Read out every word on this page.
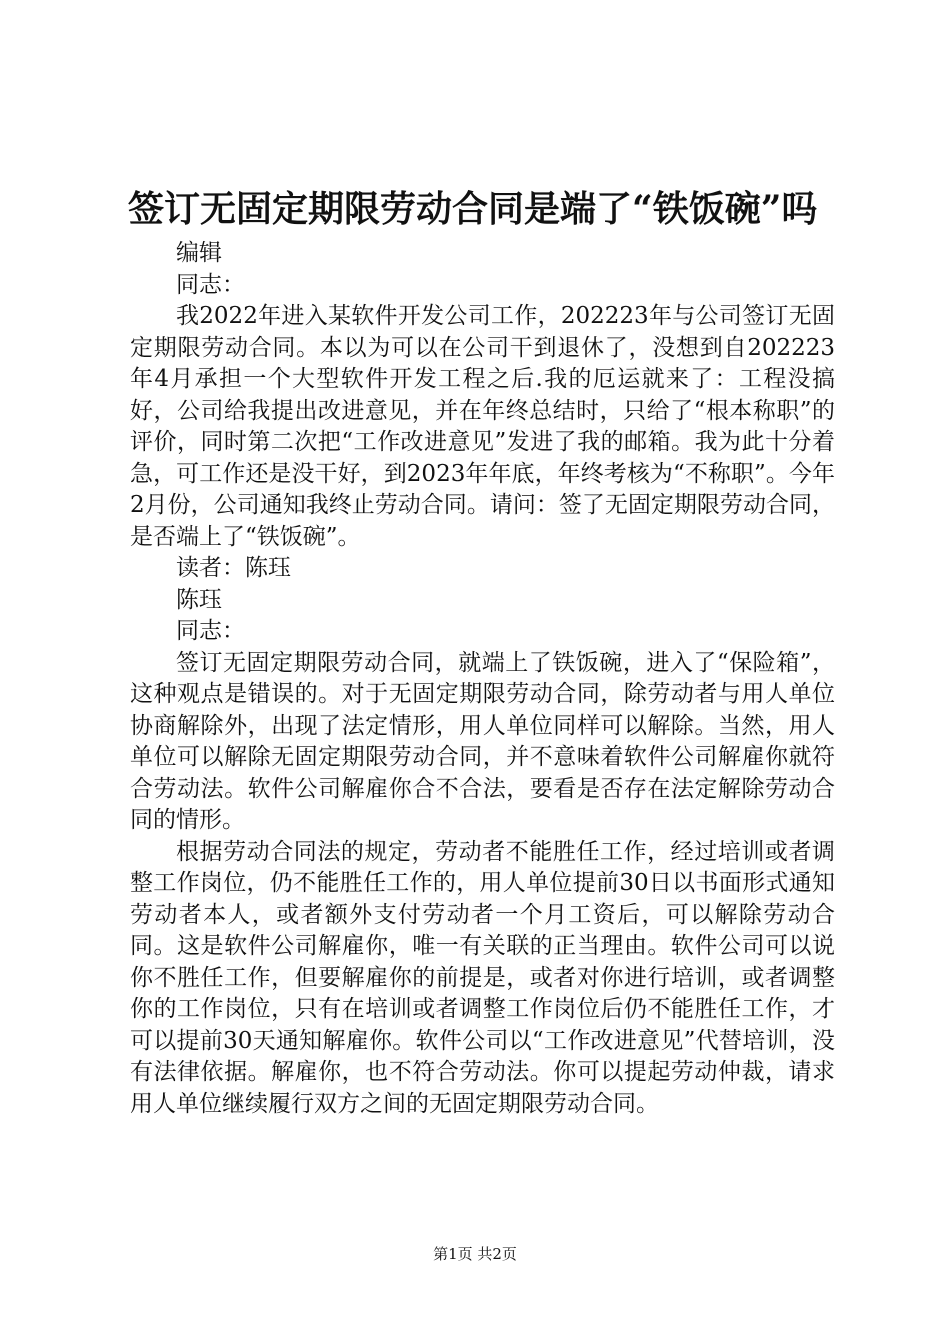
签订无固定期限劳动合同是端了“铁饭碗”吗

编辑

同志：

我2022年进入某软件开发公司工作，202223年与公司签订无固定期限劳动合同。本以为可以在公司干到退休了，没想到自202223年4月承担一个大型软件开发工程之后.我的厄运就来了：工程没搞好，公司给我提出改进意见，并在年终总结时，只给了“根本称职”的评价，同时第二次把“工作改进意见”发进了我的邮箱。我为此十分着急，可工作还是没干好，到2023年年底，年终考核为“不称职”。今年2月份，公司通知我终止劳动合同。请问：签了无固定期限劳动合同，是否端上了“铁饭碗”。

读者：陈珏

陈珏

同志：

签订无固定期限劳动合同，就端上了铁饭碗，进入了“保险箱”，这种观点是错误的。对于无固定期限劳动合同，除劳动者与用人单位协商解除外，出现了法定情形，用人单位同样可以解除。当然，用人单位可以解除无固定期限劳动合同，并不意味着软件公司解雇你就符合劳动法。软件公司解雇你合不合法，要看是否存在法定解除劳动合同的情形。

根据劳动合同法的规定，劳动者不能胜任工作，经过培训或者调整工作岗位，仍不能胜任工作的，用人单位提前30日以书面形式通知劳动者本人，或者额外支付劳动者一个月工资后，可以解除劳动合同。这是软件公司解雇你，唯一有关联的正当理由。软件公司可以说你不胜任工作，但要解雇你的前提是，或者对你进行培训，或者调整你的工作岗位，只有在培训或者调整工作岗位后仍不能胜任工作，才可以提前30天通知解雇你。软件公司以“工作改进意见”代替培训，没有法律依据。解雇你，也不符合劳动法。你可以提起劳动仲裁，请求用人单位继续履行双方之间的无固定期限劳动合同。

第1页 共2页
